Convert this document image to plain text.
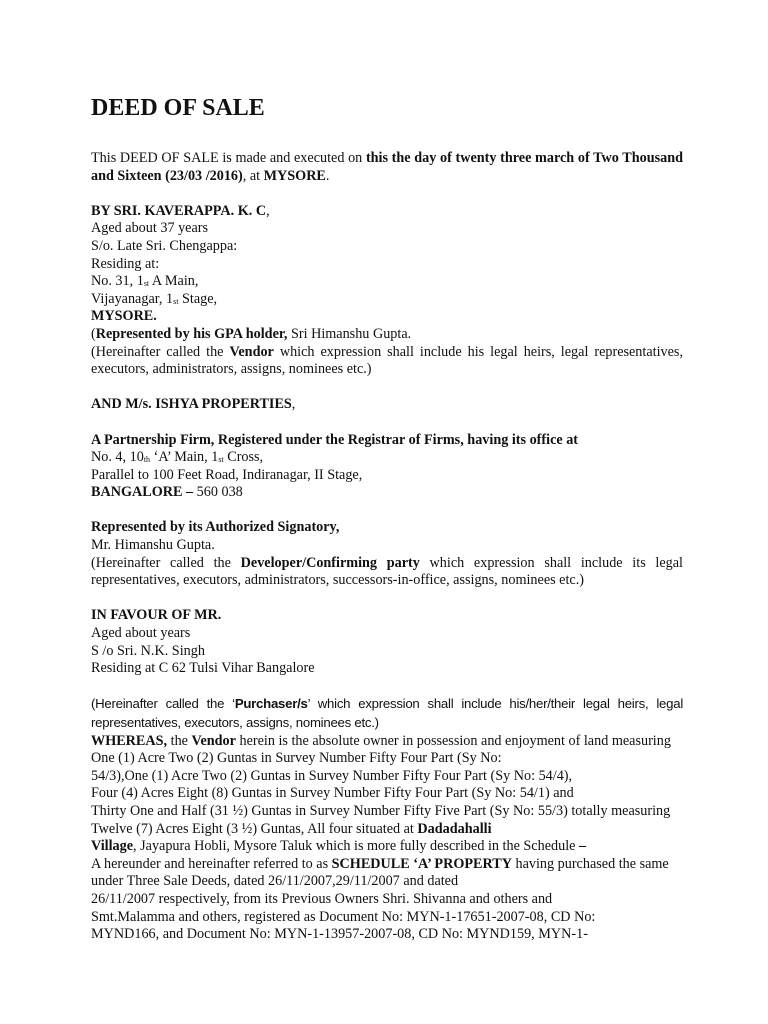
DEED OF SALE

This DEED OF SALE is made and executed on this the day of twenty three march of Two Thousand and Sixteen (23/03 /2016), at MYSORE.

BY SRI. KAVERAPPA. K. C,

Aged about 37 years

S/o. Late Sri. Chengappa:

Residing at:

No. 31, $1_{st}$ A Main,

Vijayanagar, $1_{st}$ Stage,

MYSORE.

(Represented by his GPA holder, Sri Himanshu Gupta.

(Hereinafter called the Vendor which expression shall include his legal heirs, legal representatives, executors, administrators, assigns, nominees etc.)

AND M/s. ISHYA PROPERTIES,

A Partnership Firm, Registered under the Registrar of Firms, having its office at

No. 4, $10_{th}$ ‘A’ Main, $1_{st}$ Cross,

Parallel to 100 Feet Road, Indiranagar, II Stage,

BANGALORE – 560 038

Represented by its Authorized Signatory,

Mr. Himanshu Gupta.

(Hereinafter called the Developer/Confirming party which expression shall include its legal representatives, executors, administrators, successors-in-office, assigns, nominees etc.)

IN FAVOUR OF MR.

Aged about years

S /o Sri. N.K. Singh

Residing at C 62 Tulsi Vihar Bangalore

(Hereinafter called the ‘Purchaser/s’ which expression shall include his/her/their legal heirs, legal representatives, executors, assigns, nominees etc.)

WHEREAS, the Vendor herein is the absolute owner in possession and enjoyment of land measuring

One (1) Acre Two (2) Guntas in Survey Number Fifty Four Part (Sy No:

54/3),One (1) Acre Two (2) Guntas in Survey Number Fifty Four Part (Sy No: 54/4),

Four (4) Acres Eight (8) Guntas in Survey Number Fifty Four Part (Sy No: 54/1) and

Thirty One and Half (31 ½) Guntas in Survey Number Fifty Five Part (Sy No: 55/3) totally measuring

Twelve (7) Acres Eight (3 ½) Guntas, All four situated at Dadadahalli

Village, Jayapura Hobli, Mysore Taluk which is more fully described in the Schedule –

A hereunder and hereinafter referred to as SCHEDULE ‘A’ PROPERTY having purchased the same

under Three Sale Deeds, dated 26/11/2007,29/11/2007 and dated

26/11/2007 respectively, from its Previous Owners Shri. Shivanna and others and

Smt.Malamma and others, registered as Document No: MYN-1-17651-2007-08, CD No:

MYND166, and Document No: MYN-1-13957-2007-08, CD No: MYND159, MYN-1-
